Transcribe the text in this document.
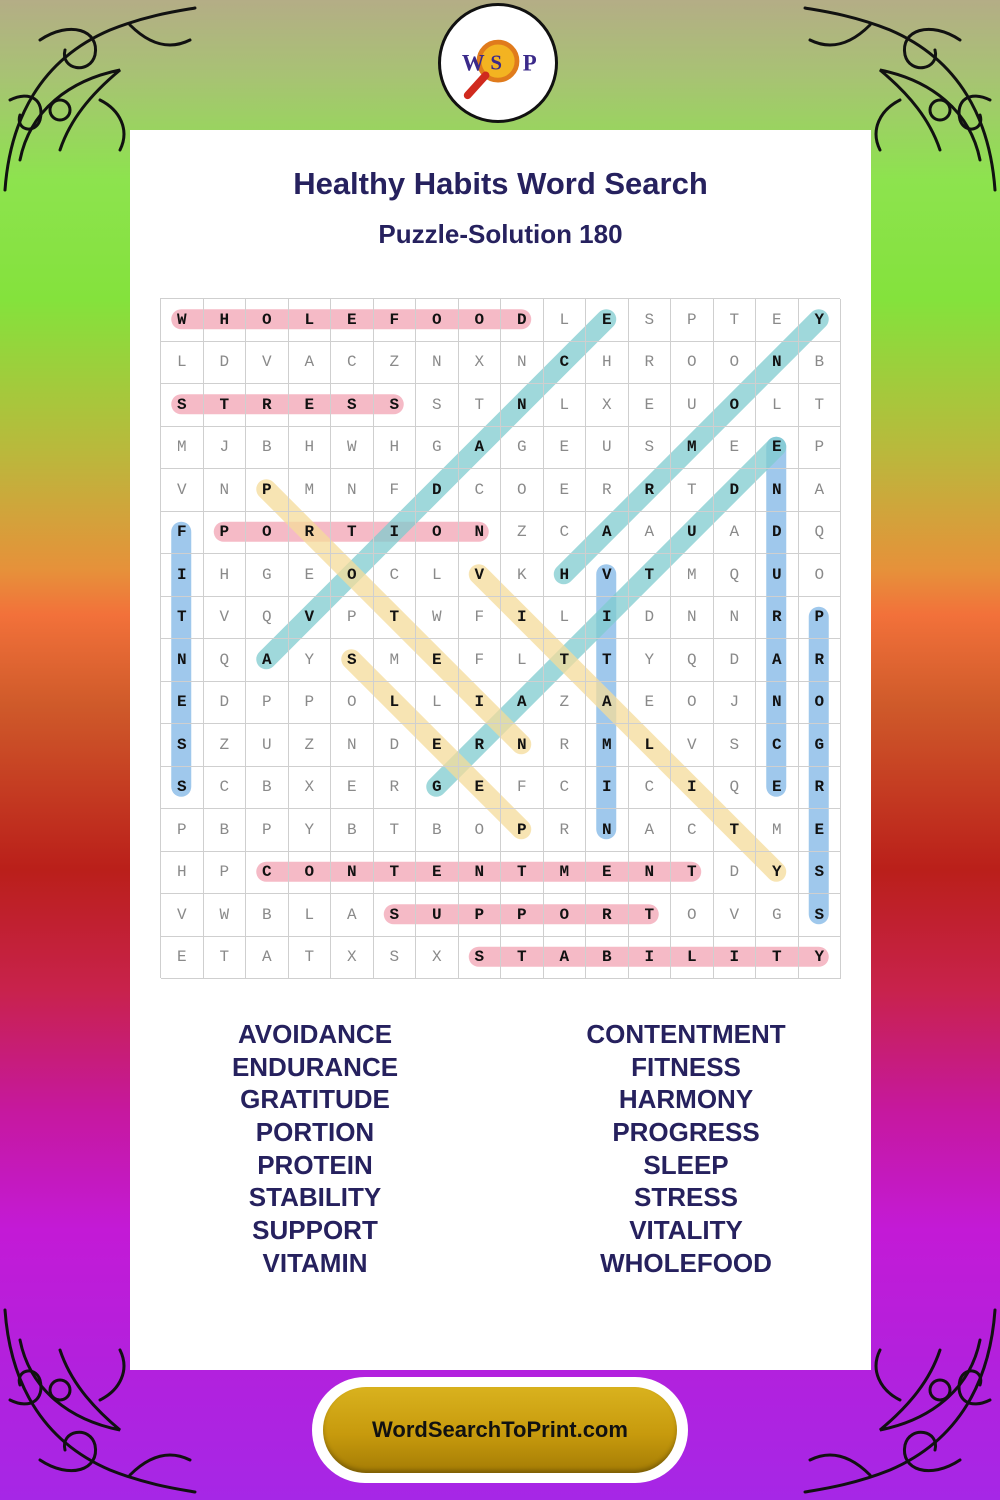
W S P
Healthy Habits Word Search
Puzzle-Solution 180
W	H	O	L	E	F	O	O	D	L	E	S	P	T	E	Y
L	D	V	A	C	Z	N	X	N	C	H	R	O	O	N	B
S	T	R	E	S	S	S	T	N	L	X	E	U	O	L	T
M	J	B	H	W	H	G	A	G	E	U	S	M	E	E	P
V	N	P	M	N	F	D	C	O	E	R	R	T	D	N	A
F	P	O	R	T	I	O	N	Z	C	A	A	U	A	D	Q
I	H	G	E	O	C	L	V	K	H	V	T	M	Q	U	O
T	V	Q	V	P	T	W	F	I	L	I	D	N	N	R	P
N	Q	A	Y	S	M	E	F	L	T	T	Y	Q	D	A	R
E	D	P	P	O	L	L	I	A	Z	A	E	O	J	N	O
S	Z	U	Z	N	D	E	R	N	R	M	L	V	S	C	G
S	C	B	X	E	R	G	E	F	C	I	C	I	Q	E	R
P	B	P	Y	B	T	B	O	P	R	N	A	C	T	M	E
H	P	C	O	N	T	E	N	T	M	E	N	T	D	Y	S
V	W	B	L	A	S	U	P	P	O	R	T	O	V	G	S
E	T	A	T	X	S	X	S	T	A	B	I	L	I	T	Y
AVOIDANCE
ENDURANCE
GRATITUDE
PORTION
PROTEIN
STABILITY
SUPPORT
VITAMIN
CONTENTMENT
FITNESS
HARMONY
PROGRESS
SLEEP
STRESS
VITALITY
WHOLEFOOD
WordSearchToPrint.com
